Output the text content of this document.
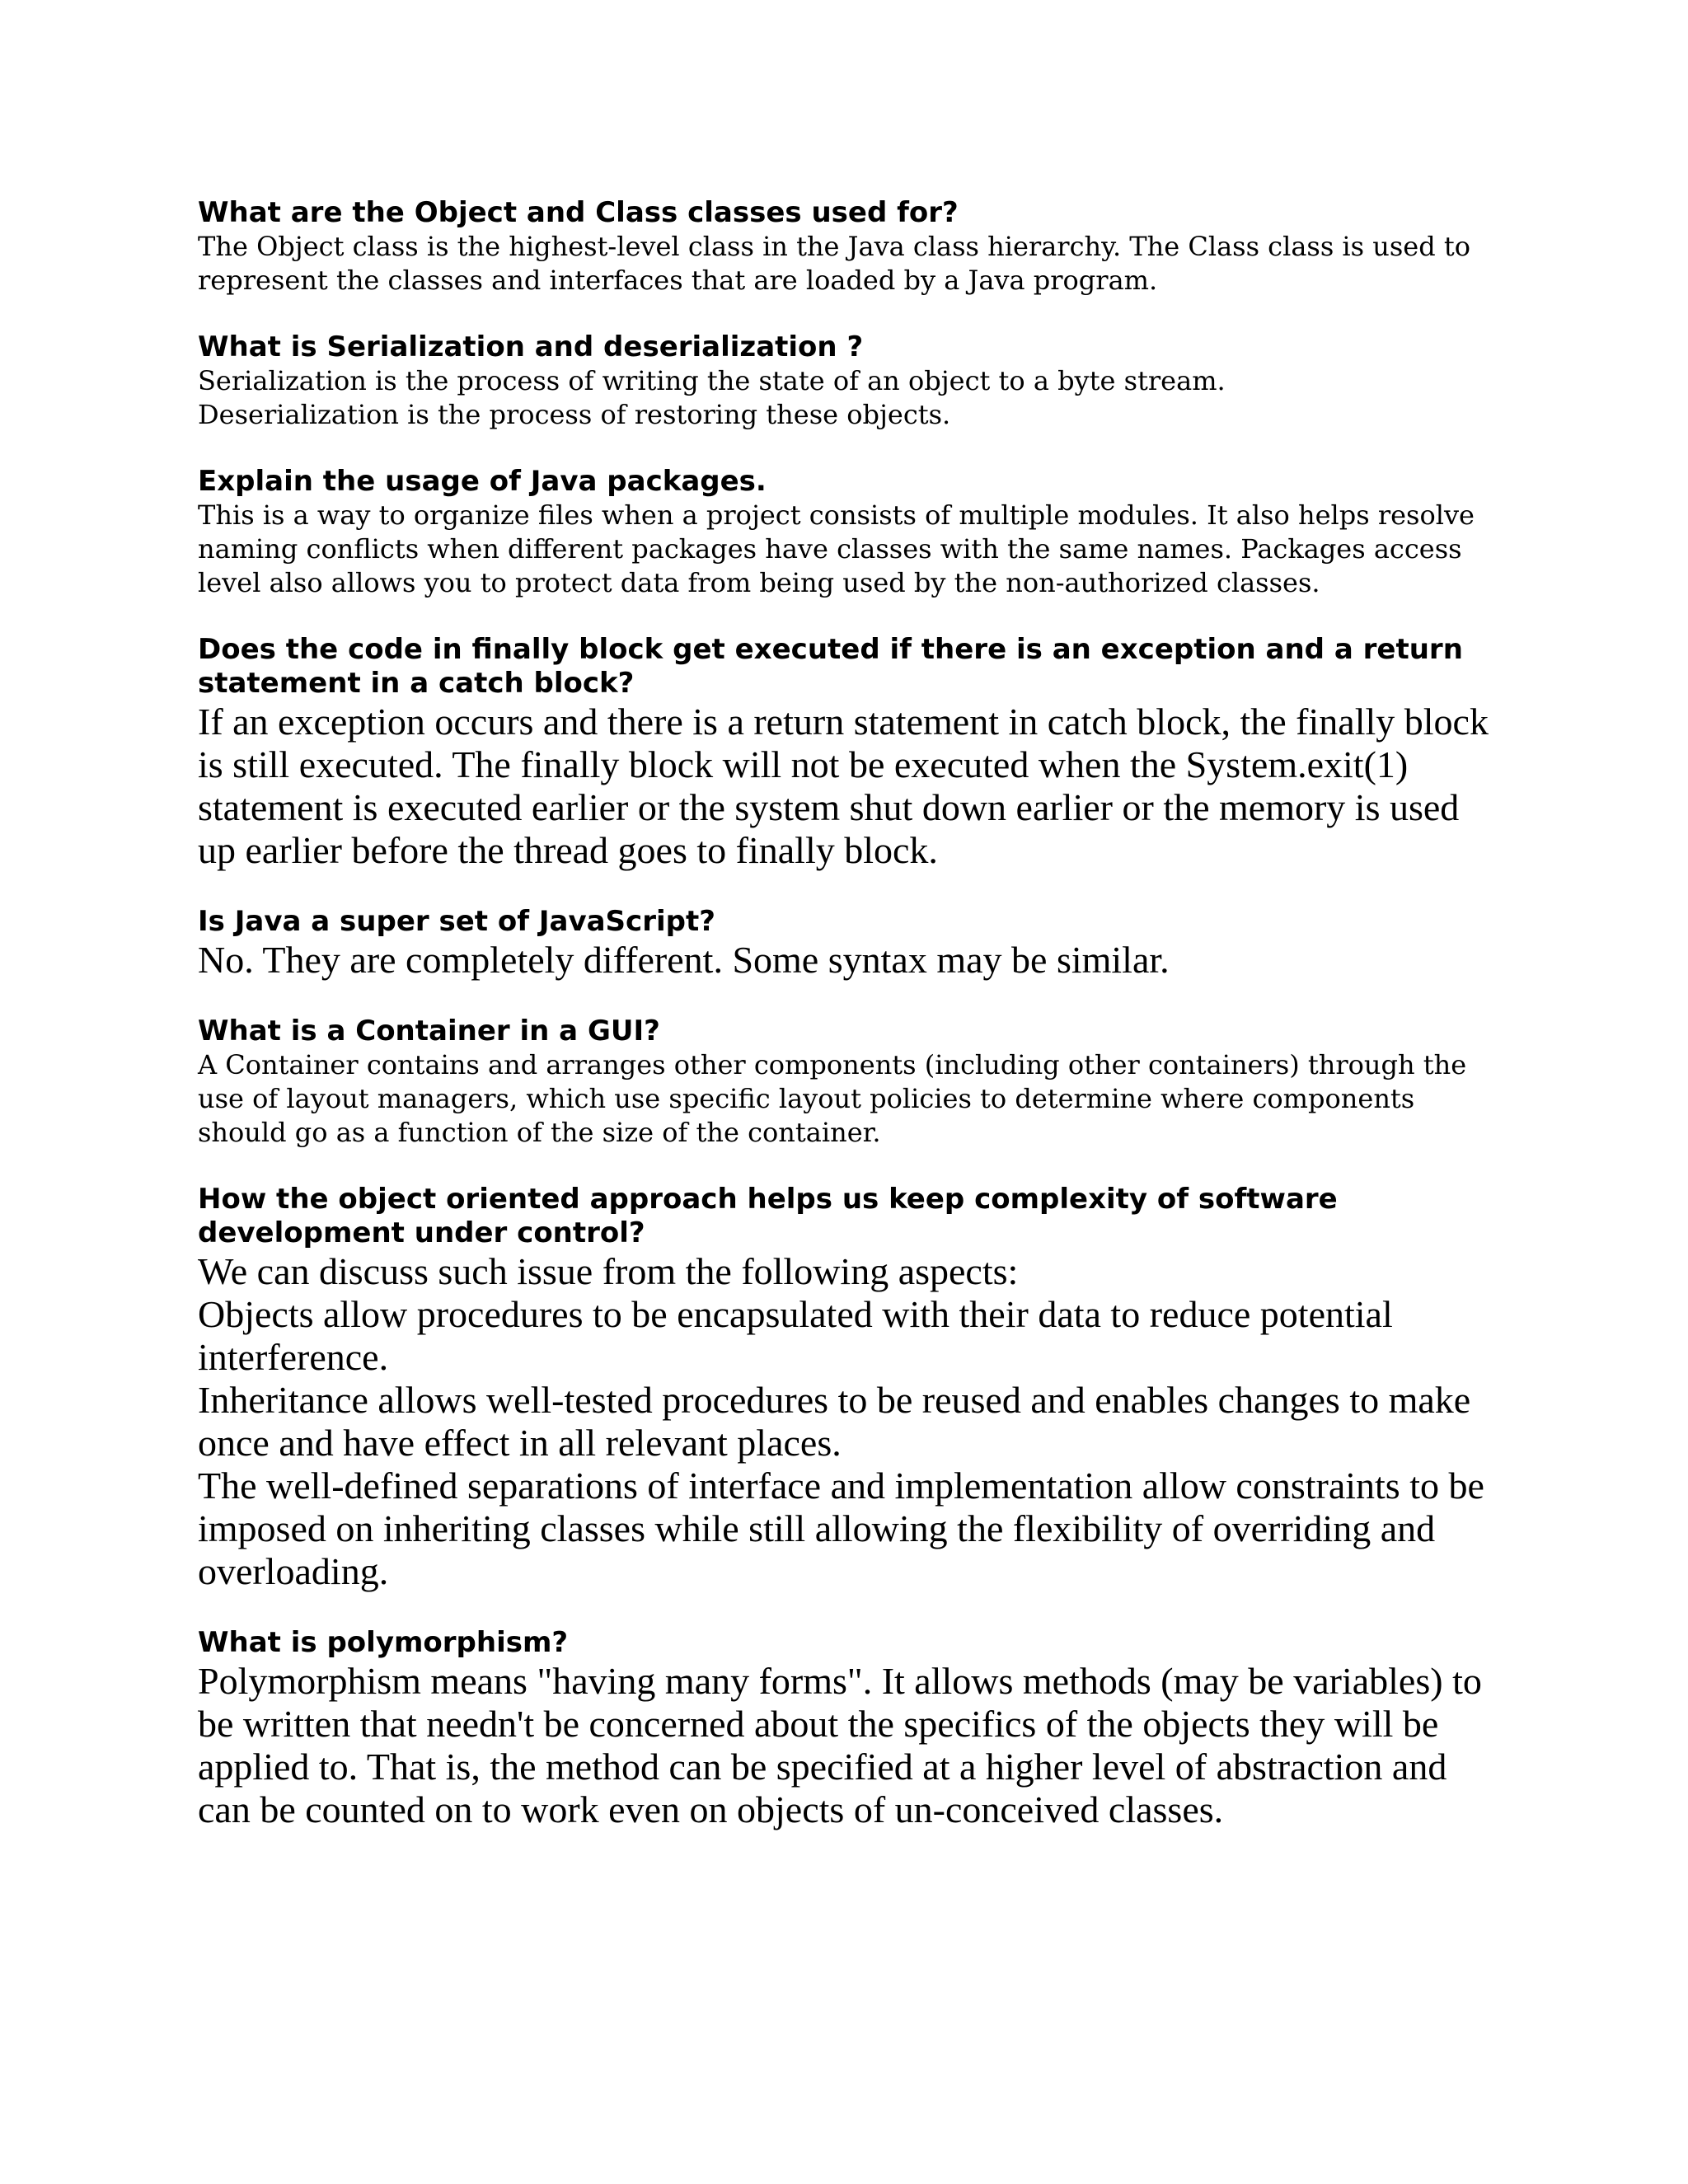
What are the Object and Class classes used for?

The Object class is the highest-level class in the Java class hierarchy. The Class class is used to represent the classes and interfaces that are loaded by a Java program.

What is Serialization and deserialization ?

Serialization is the process of writing the state of an object to a byte stream.
Deserialization is the process of restoring these objects.

Explain the usage of Java packages.

This is a way to organize files when a project consists of multiple modules. It also helps resolve naming conflicts when different packages have classes with the same names. Packages access level also allows you to protect data from being used by the non-authorized classes.

Does the code in finally block get executed if there is an exception and a return statement in a catch block?

If an exception occurs and there is a return statement in catch block, the finally block is still executed. The finally block will not be executed when the System.exit(1) statement is executed earlier or the system shut down earlier or the memory is used up earlier before the thread goes to finally block.

Is Java a super set of JavaScript?

No. They are completely different. Some syntax may be similar.

What is a Container in a GUI?

A Container contains and arranges other components (including other containers) through the use of layout managers, which use specific layout policies to determine where components should go as a function of the size of the container.

How the object oriented approach helps us keep complexity of software development under control?

We can discuss such issue from the following aspects:
Objects allow procedures to be encapsulated with their data to reduce potential interference.
Inheritance allows well-tested procedures to be reused and enables changes to make once and have effect in all relevant places.
The well-defined separations of interface and implementation allow constraints to be imposed on inheriting classes while still allowing the flexibility of overriding and overloading.

What is polymorphism?

Polymorphism means "having many forms". It allows methods (may be variables) to be written that needn't be concerned about the specifics of the objects they will be applied to. That is, the method can be specified at a higher level of abstraction and can be counted on to work even on objects of un-conceived classes.
